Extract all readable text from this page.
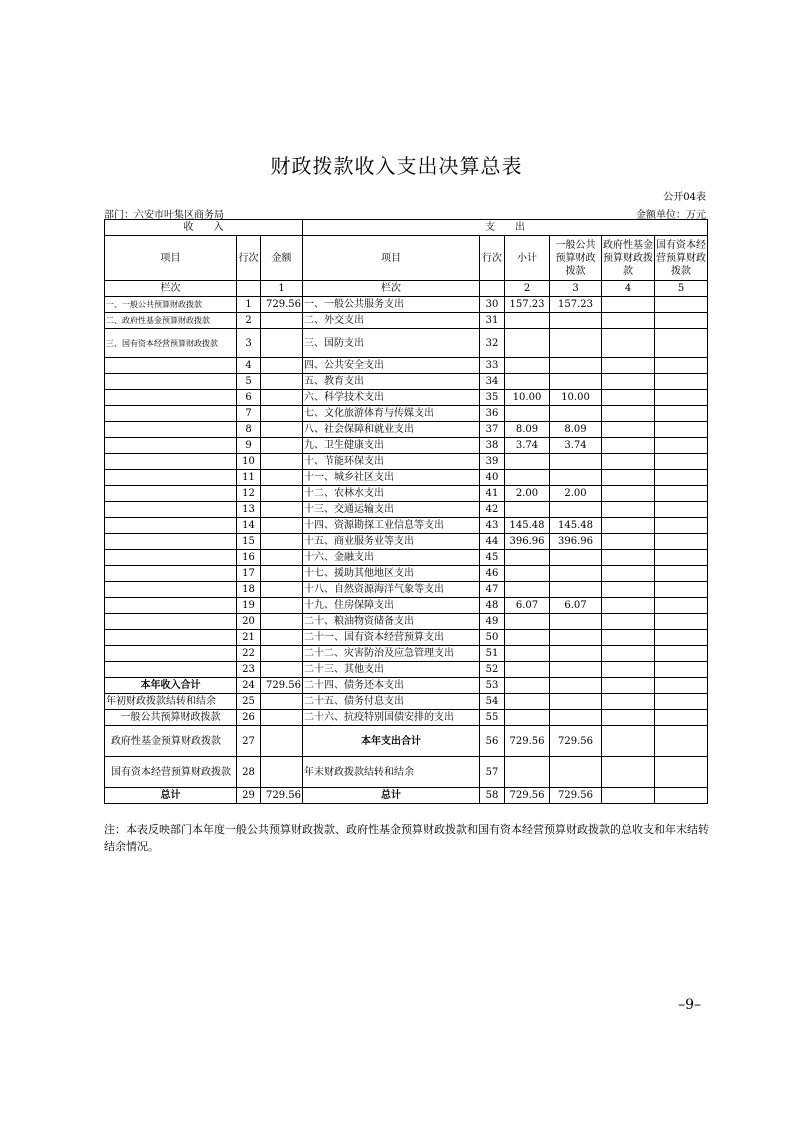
财政拨款收入支出决算总表
公开04表
部门：六安市叶集区商务局	金额单位：万元
收　　入			支　　出					
项目	行次	金额	项目	行次	小计	一般公共预算财政拨款	政府性基金预算财政拨款	国有资本经营预算财政拨款
栏次		1	栏次		2	3	4	5
一、一般公共预算财政拨款	1	729.56	一、一般公共服务支出	30	157.23	157.23		
二、政府性基金预算财政拨款	2		二、外交支出	31				
三、国有资本经营预算财政拨款	3		三、国防支出	32				
	4		四、公共安全支出	33				
	5		五、教育支出	34				
	6		六、科学技术支出	35	10.00	10.00		
	7		七、文化旅游体育与传媒支出	36				
	8		八、社会保障和就业支出	37	8.09	8.09		
	9		九、卫生健康支出	38	3.74	3.74		
	10		十、节能环保支出	39				
	11		十一、城乡社区支出	40				
	12		十二、农林水支出	41	2.00	2.00		
	13		十三、交通运输支出	42				
	14		十四、资源勘探工业信息等支出	43	145.48	145.48		
	15		十五、商业服务业等支出	44	396.96	396.96		
	16		十六、金融支出	45				
	17		十七、援助其他地区支出	46				
	18		十八、自然资源海洋气象等支出	47				
	19		十九、住房保障支出	48	6.07	6.07		
	20		二十、粮油物资储备支出	49				
	21		二十一、国有资本经营预算支出	50				
	22		二十二、灾害防治及应急管理支出	51				
	23		二十三、其他支出	52				
本年收入合计	24	729.56	二十四、债务还本支出	53				
年初财政拨款结转和结余	25		二十五、债务付息支出	54				
一般公共预算财政拨款	26		二十六、抗疫特别国债安排的支出	55				
政府性基金预算财政拨款	27		本年支出合计	56	729.56	729.56		
国有资本经营预算财政拨款	28		年末财政拨款结转和结余	57				
总计	29	729.56	总计	58	729.56	729.56		
注：本表反映部门本年度一般公共预算财政拨款、政府性基金预算财政拨款和国有资本经营预算财政拨款的总收支和年末结转结余情况。
–9–
